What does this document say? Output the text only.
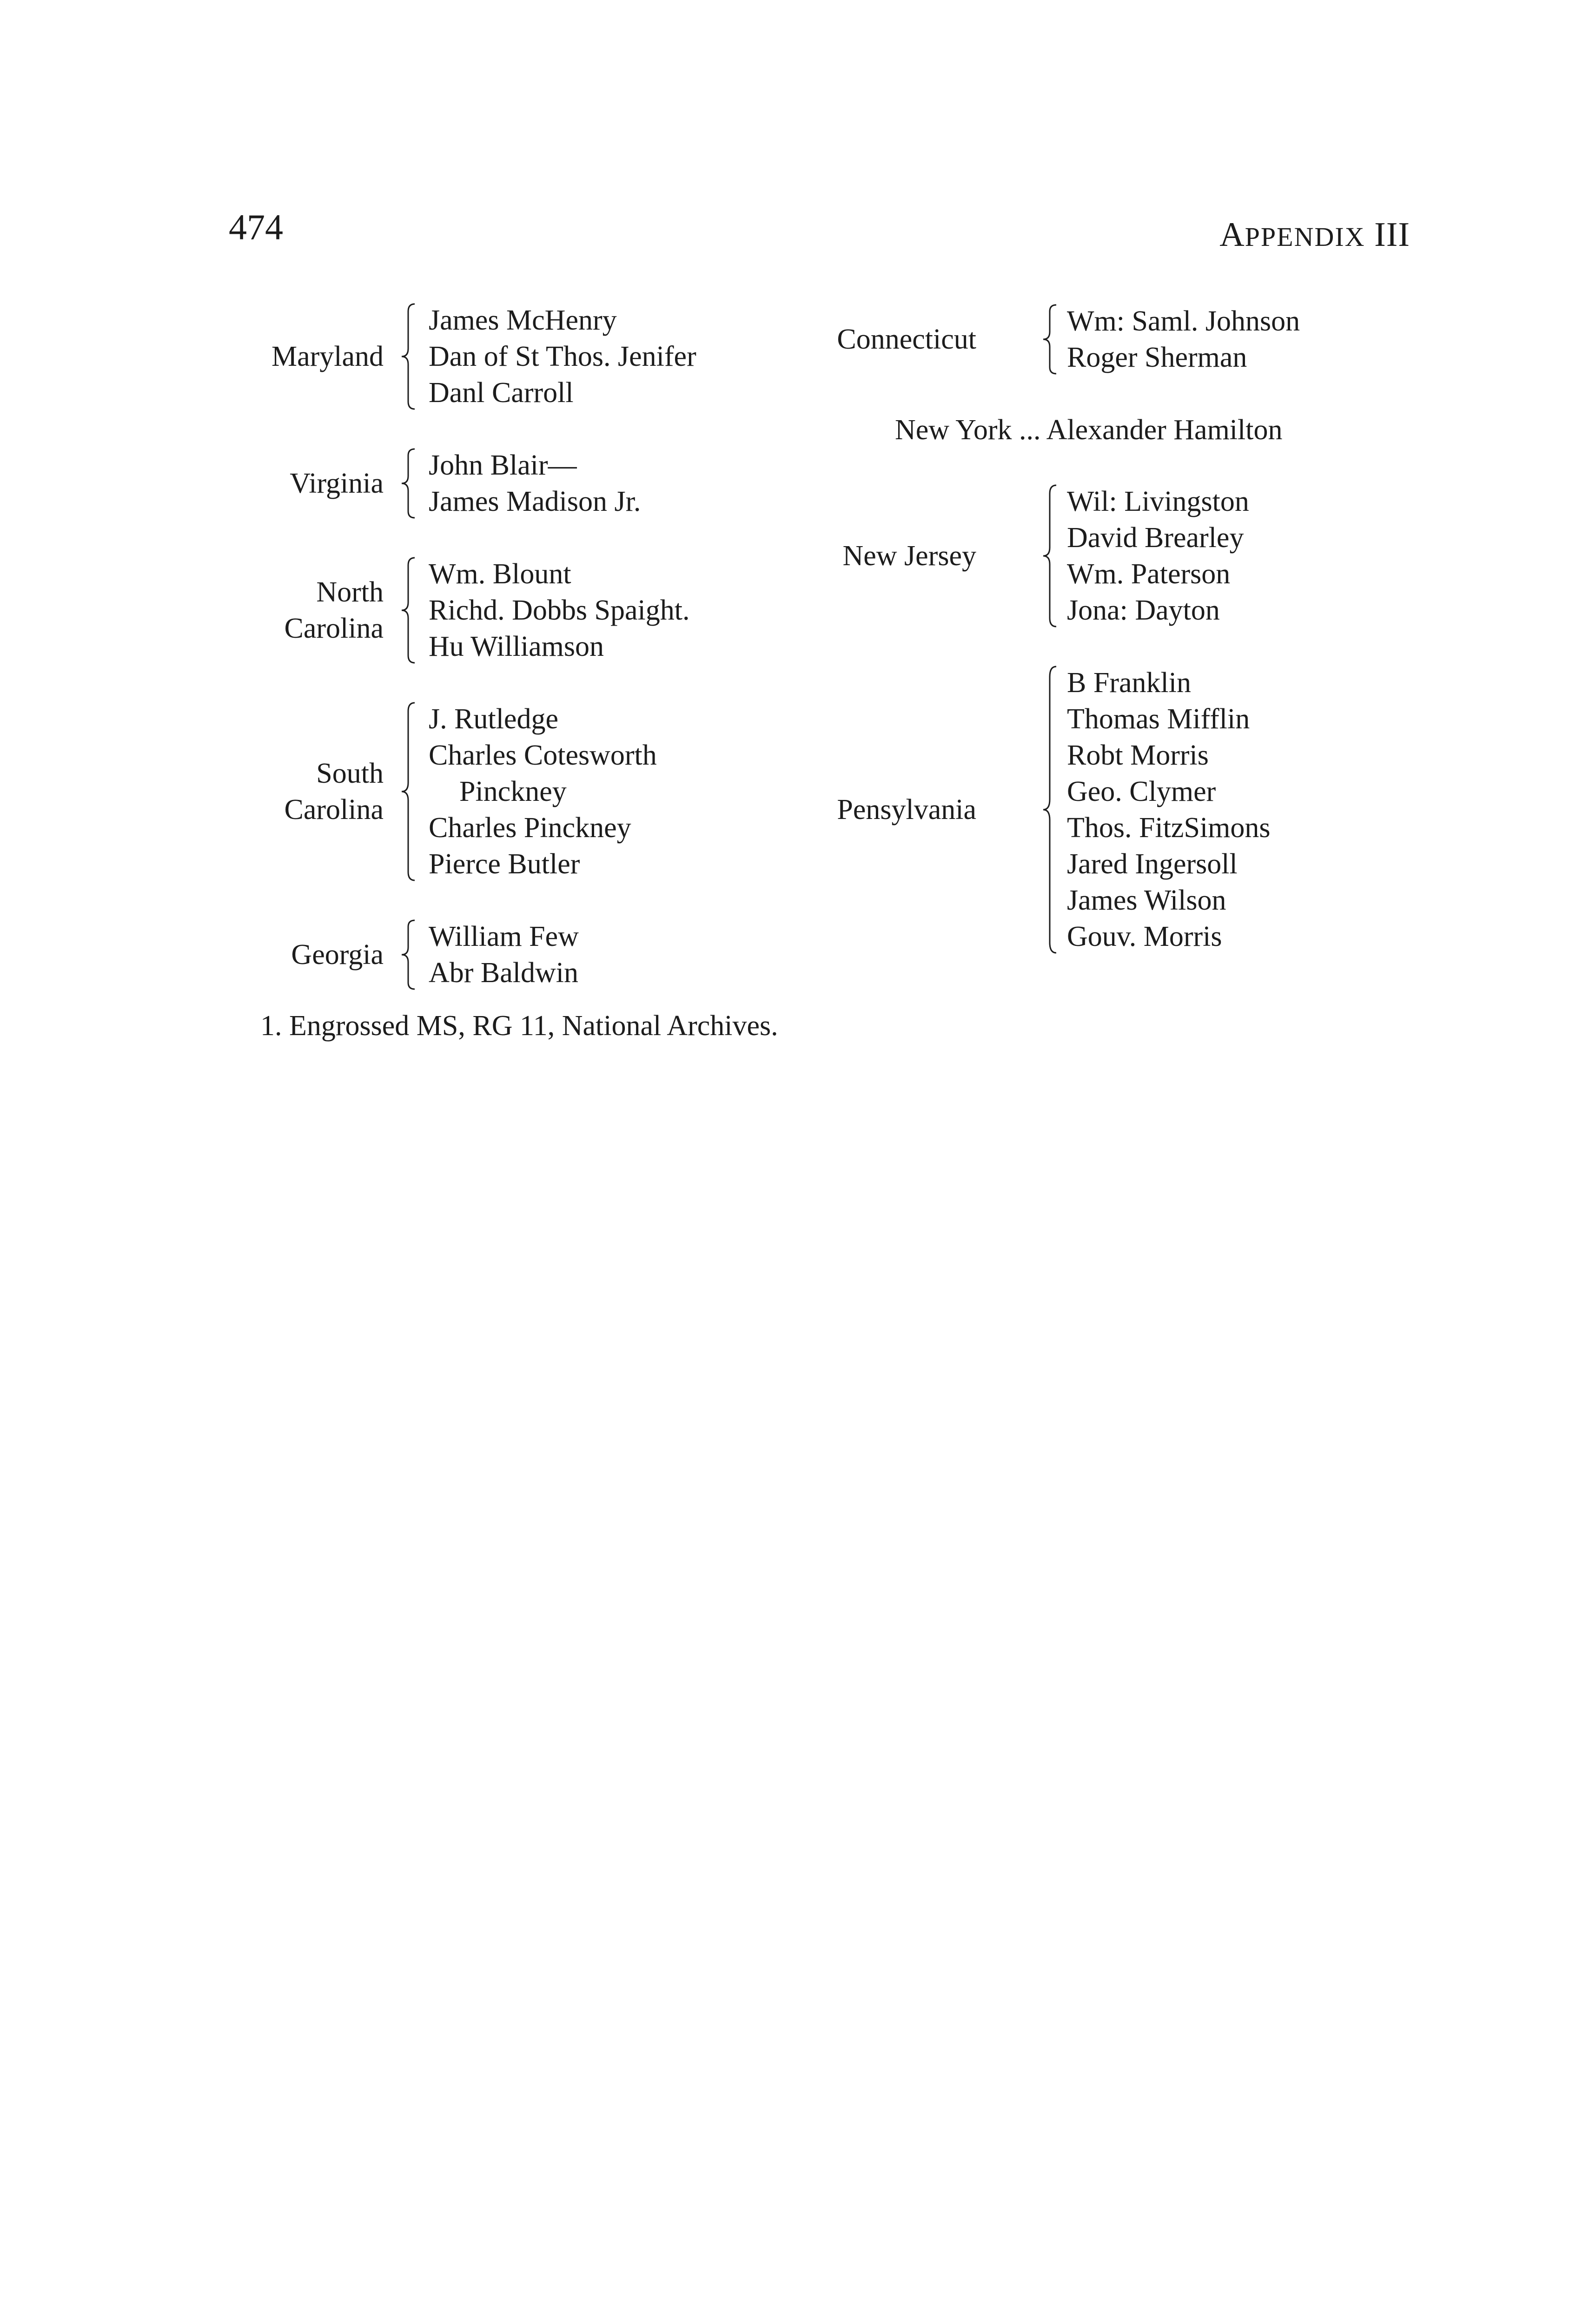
474	APPENDIX III
Maryland
James McHenry
Dan of St Thos. Jenifer
Danl Carroll
Virginia
John Blair—
James Madison Jr.
North
Carolina
Wm. Blount
Richd. Dobbs Spaight.
Hu Williamson
South
Carolina
J. Rutledge
Charles Cotesworth
Pinckney
Charles Pinckney
Pierce Butler
Georgia
William Few
Abr Baldwin
Connecticut
Wm: Saml. Johnson
Roger Sherman
New York ... Alexander Hamilton
New Jersey
Wil: Livingston
David Brearley
Wm. Paterson
Jona: Dayton
Pensylvania
B Franklin
Thomas Mifflin
Robt Morris
Geo. Clymer
Thos. FitzSimons
Jared Ingersoll
James Wilson
Gouv. Morris
1. Engrossed MS, RG 11, National Archives.
